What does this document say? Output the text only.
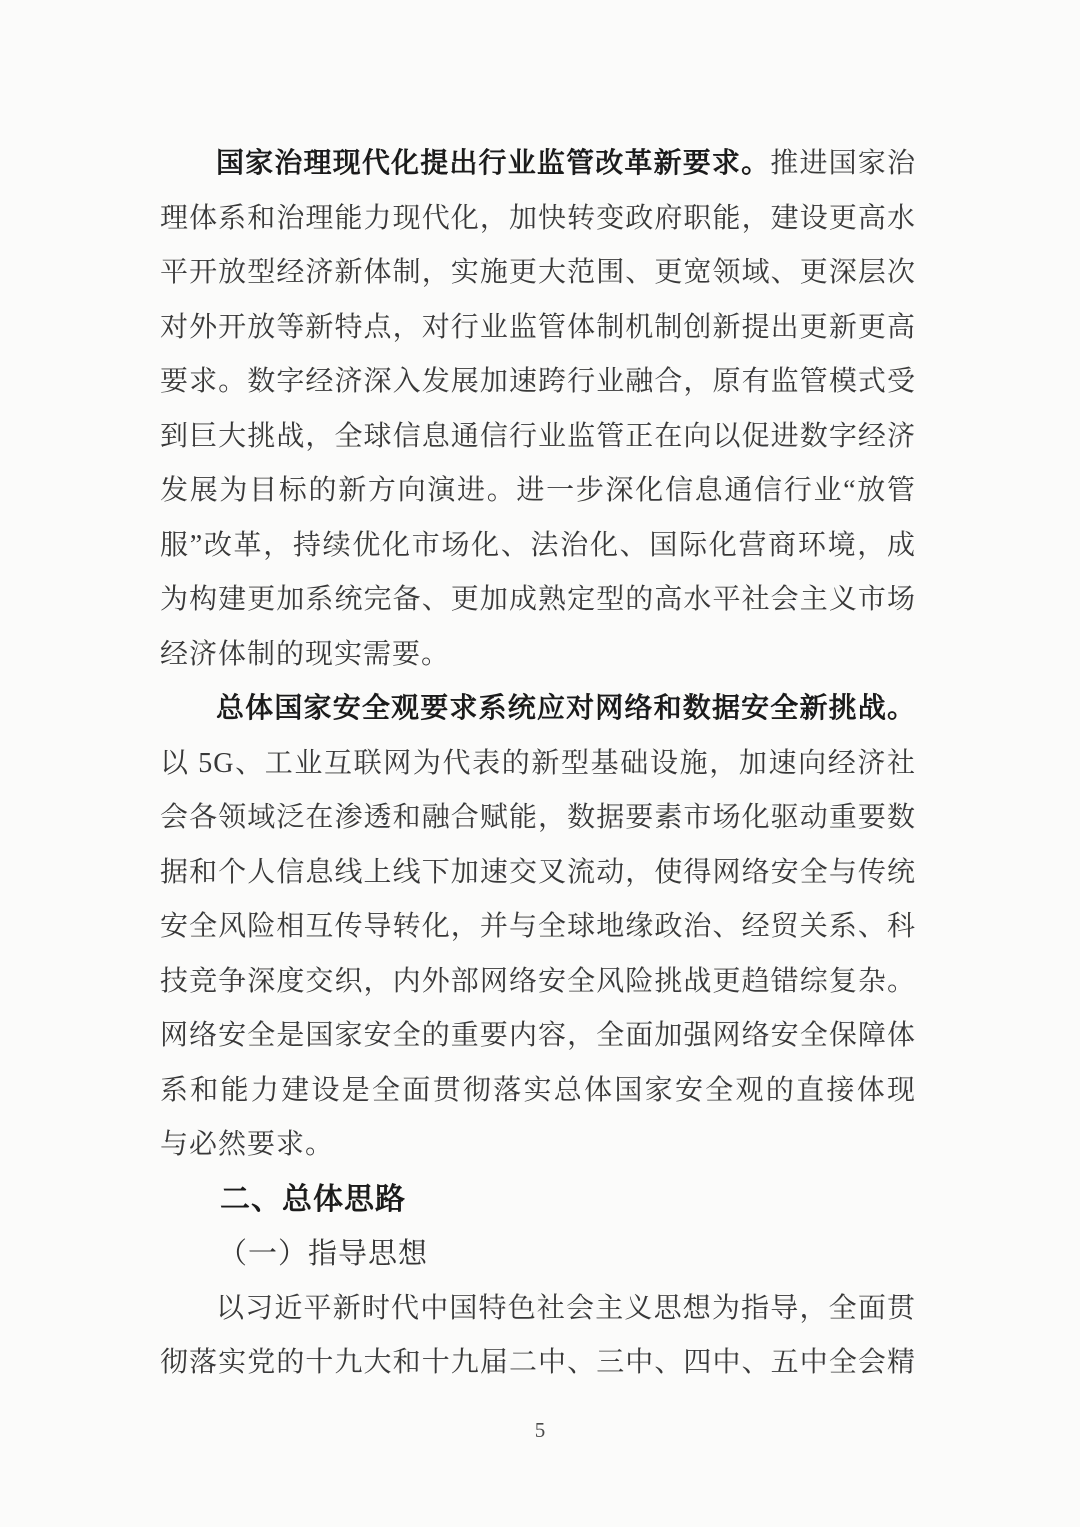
国家治理现代化提出行业监管改革新要求。推进国家治
理体系和治理能力现代化，加快转变政府职能，建设更高水
平开放型经济新体制，实施更大范围、更宽领域、更深层次
对外开放等新特点，对行业监管体制机制创新提出更新更高
要求。数字经济深入发展加速跨行业融合，原有监管模式受
到巨大挑战，全球信息通信行业监管正在向以促进数字经济
发展为目标的新方向演进。进一步深化信息通信行业“放管
服”改革，持续优化市场化、法治化、国际化营商环境，成
为构建更加系统完备、更加成熟定型的高水平社会主义市场
经济体制的现实需要。
总体国家安全观要求系统应对网络和数据安全新挑战。
以 5G、工业互联网为代表的新型基础设施，加速向经济社
会各领域泛在渗透和融合赋能，数据要素市场化驱动重要数
据和个人信息线上线下加速交叉流动，使得网络安全与传统
安全风险相互传导转化，并与全球地缘政治、经贸关系、科
技竞争深度交织，内外部网络安全风险挑战更趋错综复杂。
网络安全是国家安全的重要内容，全面加强网络安全保障体
系和能力建设是全面贯彻落实总体国家安全观的直接体现
与必然要求。
二、总体思路
（一）指导思想
以习近平新时代中国特色社会主义思想为指导，全面贯
彻落实党的十九大和十九届二中、三中、四中、五中全会精
5
